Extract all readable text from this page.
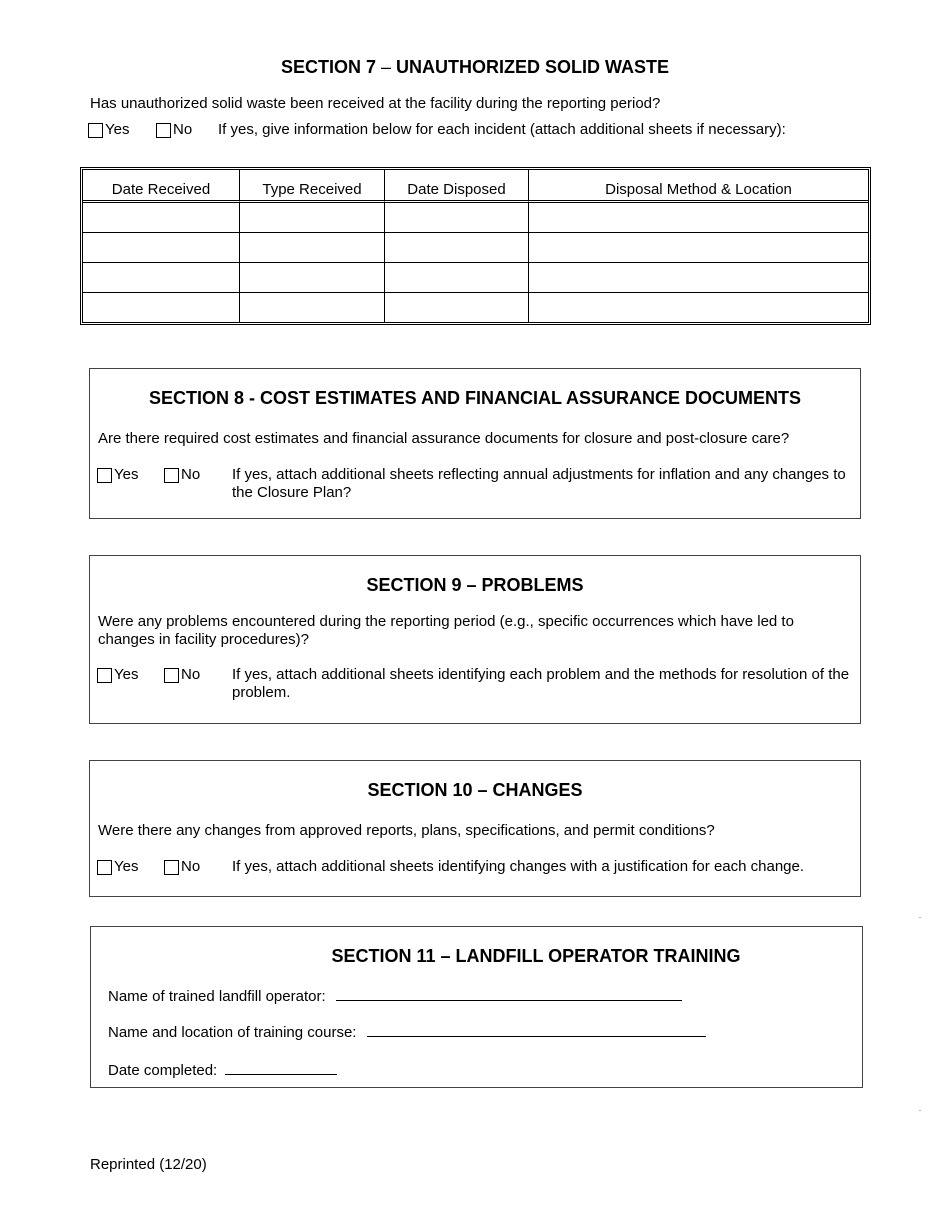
SECTION 7 – UNAUTHORIZED SOLID WASTE
Has unauthorized solid waste been received at the facility during the reporting period?
Yes	No If yes, give information below for each incident (attach additional sheets if necessary):
Date Received	Type Received	Date Disposed	Disposal Method & Location

SECTION 8 - COST ESTIMATES AND FINANCIAL ASSURANCE DOCUMENTS
Are there required cost estimates and financial assurance documents for closure and post-closure care?
Yes	No If yes, attach additional sheets reflecting annual adjustments for inflation and any changes to the Closure Plan?
SECTION 9 – PROBLEMS
Were any problems encountered during the reporting period (e.g., specific occurrences which have led to changes in facility procedures)?
Yes	No If yes, attach additional sheets identifying each problem and the methods for resolution of the problem.
SECTION 10 – CHANGES
Were there any changes from approved reports, plans, specifications, and permit conditions?
Yes	No If yes, attach additional sheets identifying changes with a justification for each change.
SECTION 11 – LANDFILL OPERATOR TRAINING
Name of trained landfill operator:
Name and location of training course:
Date completed:
Reprinted (12/20)
